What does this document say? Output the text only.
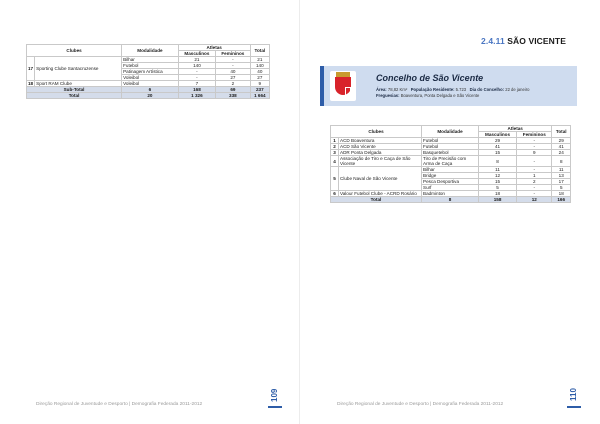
Clubes		Modalidade	Atletas		Total
			Masculinos	Femininos	
17	Sporting Clube Santacruzense	Bilhar	21	-	21
		Futebol	140	-	140
		Patinagem Artística	-	40	40
		Voleibol	-	27	27
18	Sport RAM Clube	Voleibol	7	2	9
Sub-Total		6	168	69	237
Total		20	1 326	338	1 664
Direção Regional de Juventude e Desporto | Demografia Federada 2011-2012
109
2.4.11 SÃO VICENTE
Concelho de São Vicente
Área: 78,82 Km² População Residente: 5.723 Dia do Concelho: 22 de janeiro
Freguesias: Boaventura, Ponta Delgada e São Vicente
Clubes		Modalidade	Atletas		Total
			Masculinos	Femininos	
1	ACD Boaventura	Futebol	29	-	29
2	ACD São Vicente	Futebol	41	-	41
3	ADR Ponta Delgada	Basquetebol	15	9	24
4	Associação de Tiro e Caça de São Vicente	Tiro de Precisão com Arma de Caça	8	-	8
5	Clube Naval de São Vicente	Bilhar	11	-	11
		Bridge	12	1	13
		Pesca Desportiva	15	2	17
		Surf	5	-	5
6	Valour Futebol Clube - ACRD Rosário	Badminton	18	-	18
Total		8	158	12	166
Direção Regional de Juventude e Desporto | Demografia Federada 2011-2012
110
